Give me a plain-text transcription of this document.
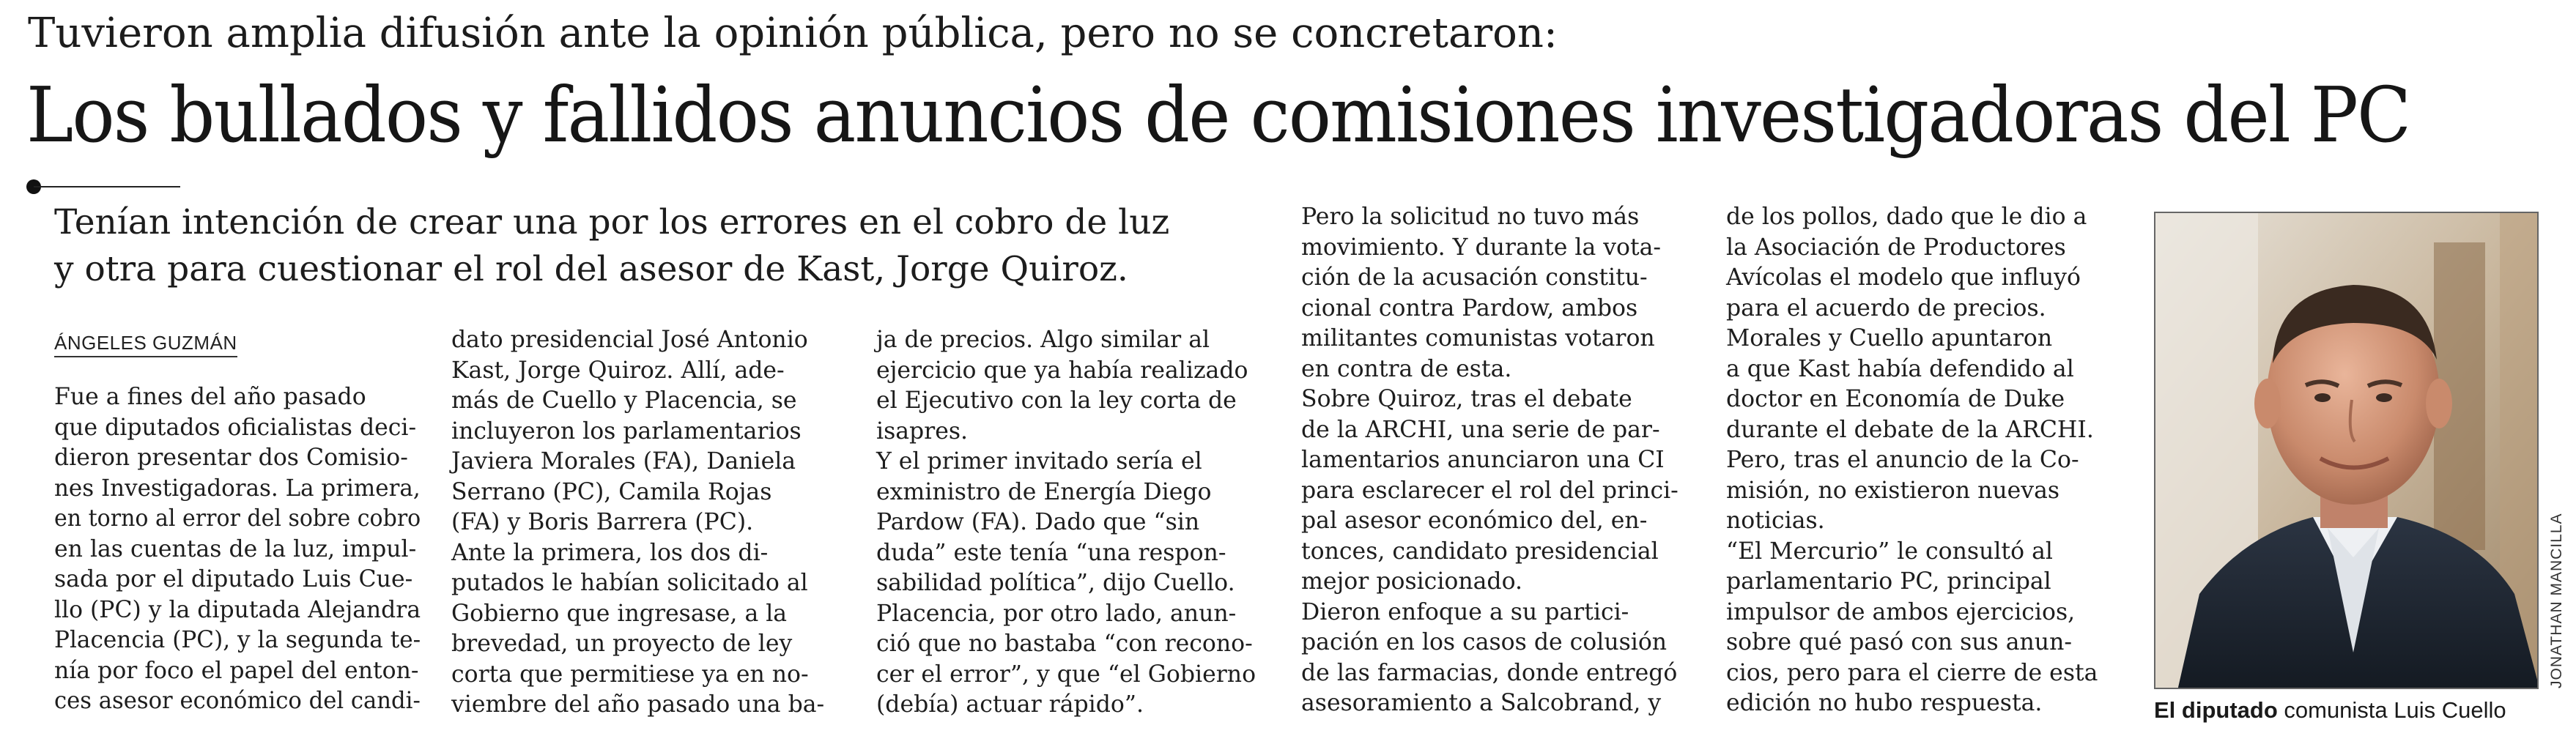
Tuvieron amplia difusión ante la opinión pública, pero no se concretaron:
Los bullados y fallidos anuncios de comisiones investigadoras del PC
Tenían intención de crear una por los errores en el cobro de luz
y otra para cuestionar el rol del asesor de Kast, Jorge Quiroz.
ÁNGELES GUZMÁN
Fue a fines del año pasado
que diputados oficialistas deci-
dieron presentar dos Comisio-
nes Investigadoras. La primera,
en torno al error del sobre cobro
en las cuentas de la luz, impul-
sada por el diputado Luis Cue-
llo (PC) y la diputada Alejandra
Placencia (PC), y la segunda te-
nía por foco el papel del enton-
ces asesor económico del candi-
dato presidencial José Antonio
Kast, Jorge Quiroz. Allí, ade-
más de Cuello y Placencia, se
incluyeron los parlamentarios
Javiera Morales (FA), Daniela
Serrano (PC), Camila Rojas
(FA) y Boris Barrera (PC).
Ante la primera, los dos di-
putados le habían solicitado al
Gobierno que ingresase, a la
brevedad, un proyecto de ley
corta que permitiese ya en no-
viembre del año pasado una ba-
ja de precios. Algo similar al
ejercicio que ya había realizado
el Ejecutivo con la ley corta de
isapres.
Y el primer invitado sería el
exministro de Energía Diego
Pardow (FA). Dado que “sin
duda” este tenía “una respon-
sabilidad política”, dijo Cuello.
Placencia, por otro lado, anun-
ció que no bastaba “con recono-
cer el error”, y que “el Gobierno
(debía) actuar rápido”.
Pero la solicitud no tuvo más
movimiento. Y durante la vota-
ción de la acusación constitu-
cional contra Pardow, ambos
militantes comunistas votaron
en contra de esta.
Sobre Quiroz, tras el debate
de la ARCHI, una serie de par-
lamentarios anunciaron una CI
para esclarecer el rol del princi-
pal asesor económico del, en-
tonces, candidato presidencial
mejor posicionado.
Dieron enfoque a su partici-
pación en los casos de colusión
de las farmacias, donde entregó
asesoramiento a Salcobrand, y
de los pollos, dado que le dio a
la Asociación de Productores
Avícolas el modelo que influyó
para el acuerdo de precios.
Morales y Cuello apuntaron
a que Kast había defendido al
doctor en Economía de Duke
durante el debate de la ARCHI.
Pero, tras el anuncio de la Co-
misión, no existieron nuevas
noticias.
“El Mercurio” le consultó al
parlamentario PC, principal
impulsor de ambos ejercicios,
sobre qué pasó con sus anun-
cios, pero para el cierre de esta
edición no hubo respuesta.
JONATHAN MANCILLA
El diputado comunista Luis Cuello
